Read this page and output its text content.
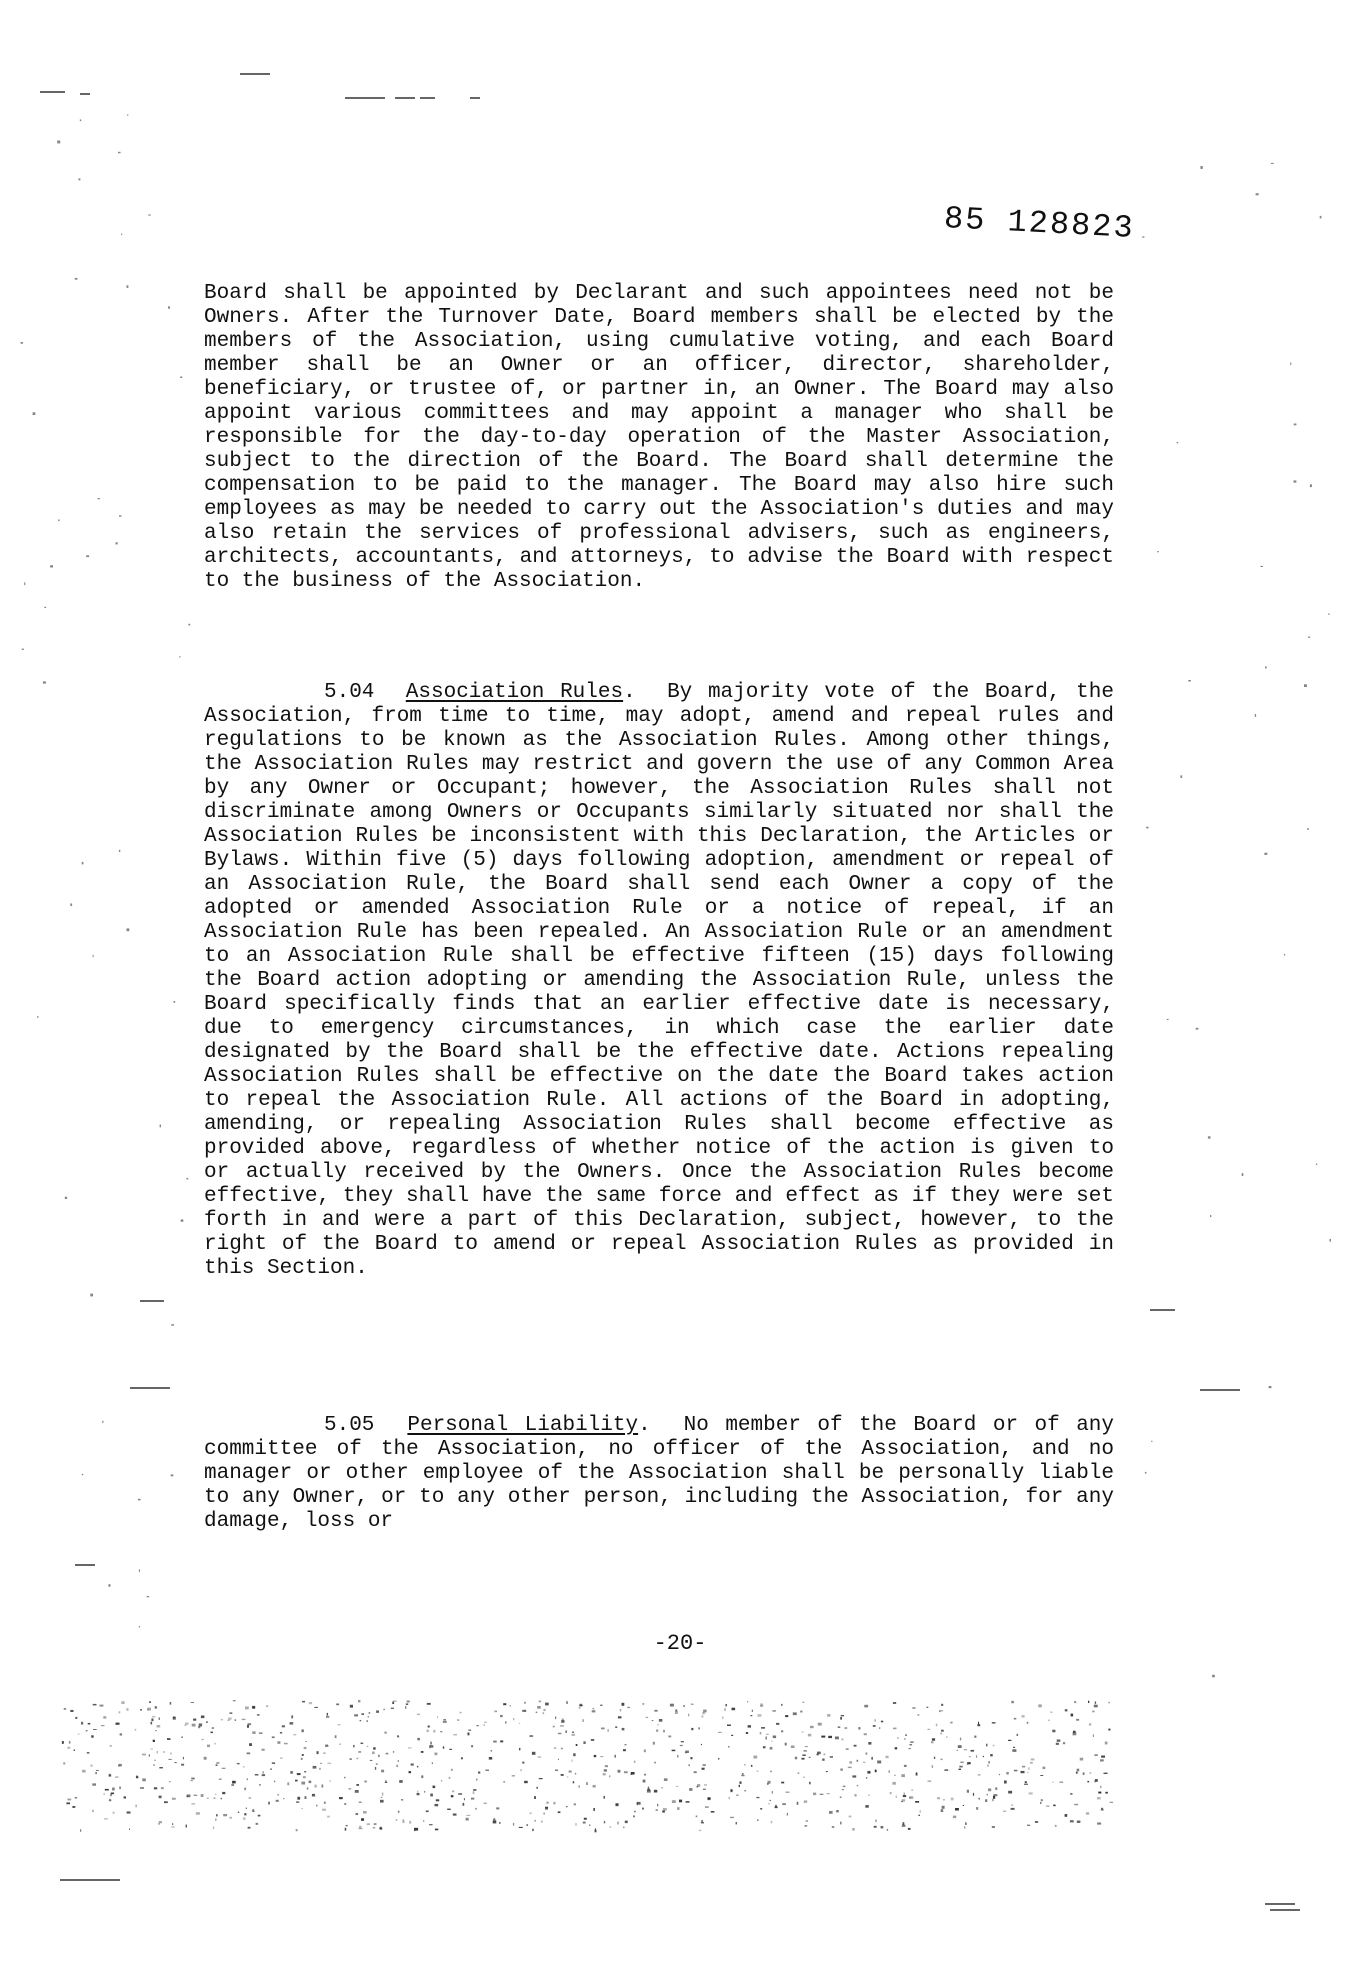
85 128823

Board shall be appointed by Declarant and such appointees need not be Owners. After the Turnover Date, Board members shall be elected by the members of the Association, using cumulative voting, and each Board member shall be an Owner or an officer, director, shareholder, beneficiary, or trustee of, or partner in, an Owner. The Board may also appoint various committees and may appoint a manager who shall be responsible for the day-to-day operation of the Master Association, subject to the direction of the Board. The Board shall determine the compensation to be paid to the manager. The Board may also hire such employees as may be needed to carry out the Association's duties and may also retain the services of professional advisers, such as engineers, architects, accountants, and attorneys, to advise the Board with respect to the business of the Association.

5.04 Association Rules.  By majority vote of the Board, the Association, from time to time, may adopt, amend and repeal rules and regulations to be known as the Association Rules. Among other things, the Association Rules may restrict and govern the use of any Common Area by any Owner or Occupant; however, the Association Rules shall not discriminate among Owners or Occupants similarly situated nor shall the Association Rules be inconsistent with this Declaration, the Articles or Bylaws. Within five (5) days following adoption, amendment or repeal of an Association Rule, the Board shall send each Owner a copy of the adopted or amended Association Rule or a notice of repeal, if an Association Rule has been repealed. An Association Rule or an amendment to an Association Rule shall be effective fifteen (15) days following the Board action adopting or amending the Association Rule, unless the Board specifically finds that an earlier effective date is necessary, due to emergency circumstances, in which case the earlier date designated by the Board shall be the effective date. Actions repealing Association Rules shall be effective on the date the Board takes action to repeal the Association Rule. All actions of the Board in adopting, amending, or repealing Association Rules shall become effective as provided above, regardless of whether notice of the action is given to or actually received by the Owners. Once the Association Rules become effective, they shall have the same force and effect as if they were set forth in and were a part of this Declaration, subject, however, to the right of the Board to amend or repeal Association Rules as provided in this Section.

5.05 Personal Liability.  No member of the Board or of any committee of the Association, no officer of the Association, and no manager or other employee of the Association shall be personally liable to any Owner, or to any other person, including the Association, for any damage, loss or

-20-
